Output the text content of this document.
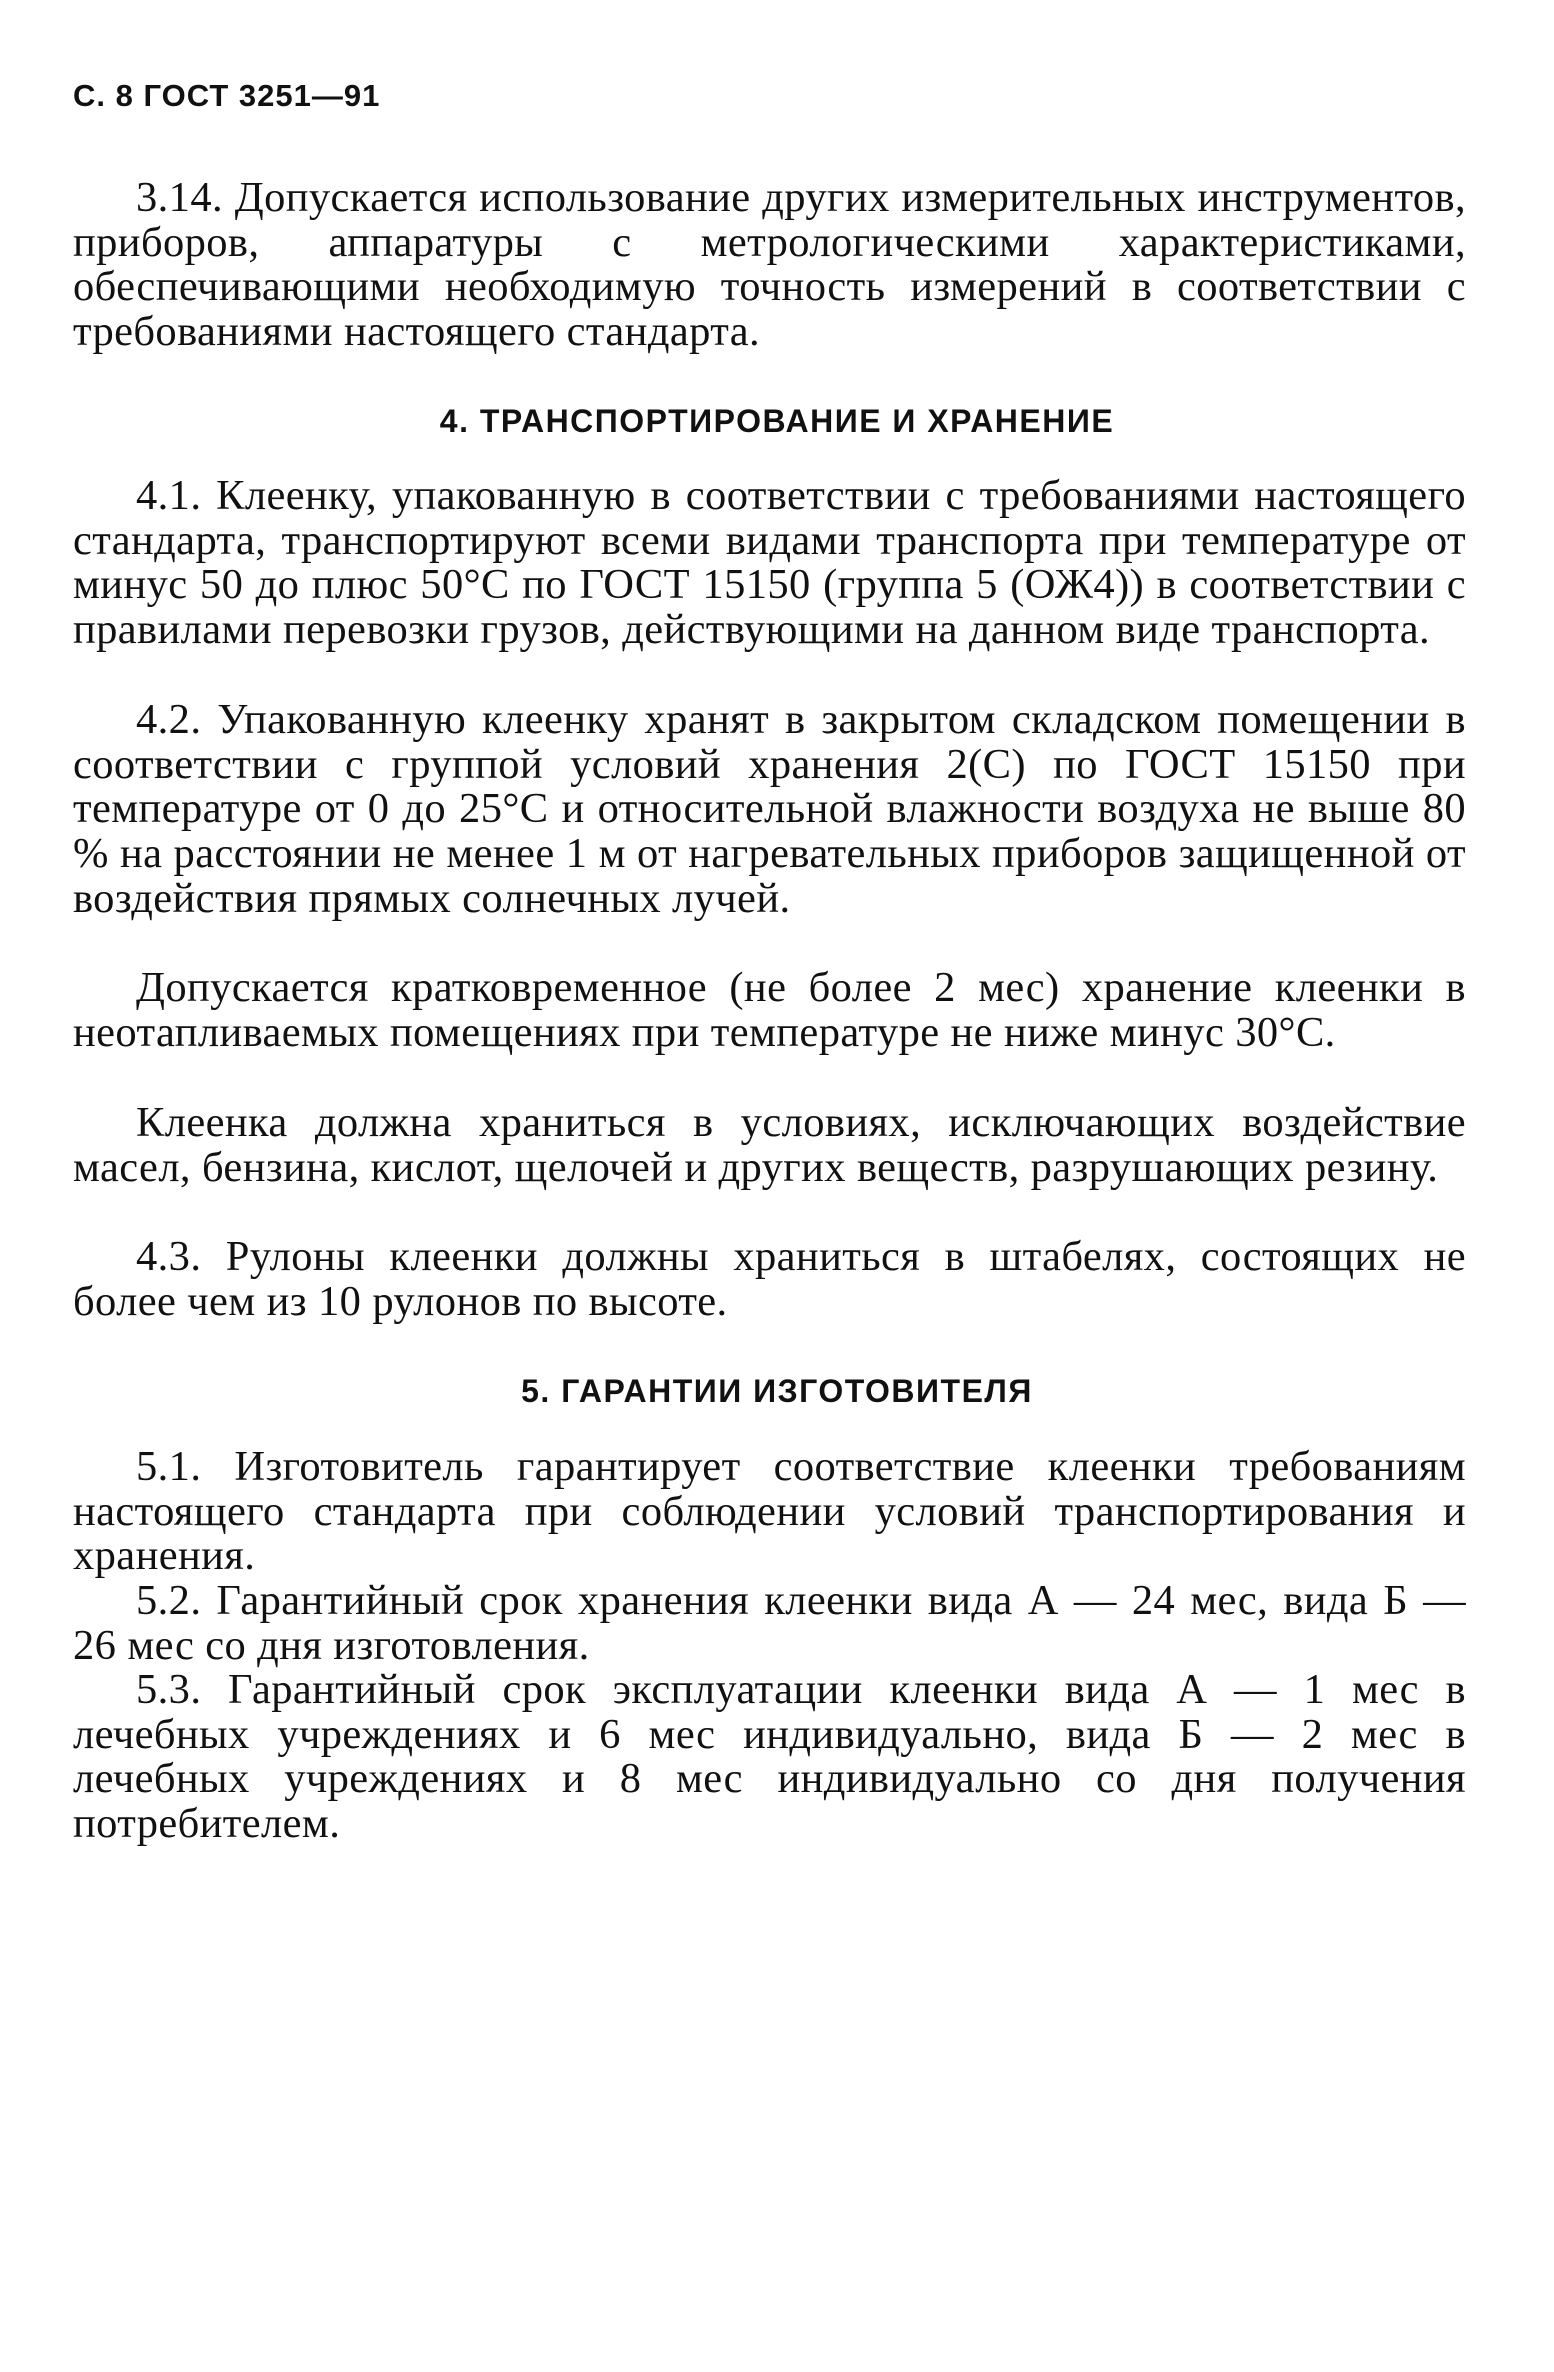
С. 8 ГОСТ 3251—91

3.14. Допускается использование других измерительных инструментов, приборов, аппаратуры с метрологическими характеристиками, обеспечивающими необходимую точность измерений в соответствии с требованиями настоящего стандарта.

4. ТРАНСПОРТИРОВАНИЕ И ХРАНЕНИЕ

4.1. Клеенку, упакованную в соответствии с требованиями настоящего стандарта, транспортируют всеми видами транспорта при температуре от минус 50 до плюс 50°С по ГОСТ 15150 (группа 5 (ОЖ4)) в соответствии с правилами перевозки грузов, действующими на данном виде транспорта.

4.2. Упакованную клеенку хранят в закрытом складском помещении в соответствии с группой условий хранения 2(С) по ГОСТ 15150 при температуре от 0 до 25°С и относительной влажности воздуха не выше 80 % на расстоянии не менее 1 м от нагревательных приборов защищенной от воздействия прямых солнечных лучей.

Допускается кратковременное (не более 2 мес) хранение клеенки в неотапливаемых помещениях при температуре не ниже минус 30°С.

Клеенка должна храниться в условиях, исключающих воздействие масел, бензина, кислот, щелочей и других веществ, разрушающих резину.

4.3. Рулоны клеенки должны храниться в штабелях, состоящих не более чем из 10 рулонов по высоте.

5. ГАРАНТИИ ИЗГОТОВИТЕЛЯ

5.1. Изготовитель гарантирует соответствие клеенки требованиям настоящего стандарта при соблюдении условий транспортирования и хранения.

5.2. Гарантийный срок хранения клеенки вида А — 24 мес, вида Б — 26 мес со дня изготовления.

5.3. Гарантийный срок эксплуатации клеенки вида А — 1 мес в лечебных учреждениях и 6 мес индивидуально, вида Б — 2 мес в лечебных учреждениях и 8 мес индивидуально со дня получения потребителем.
